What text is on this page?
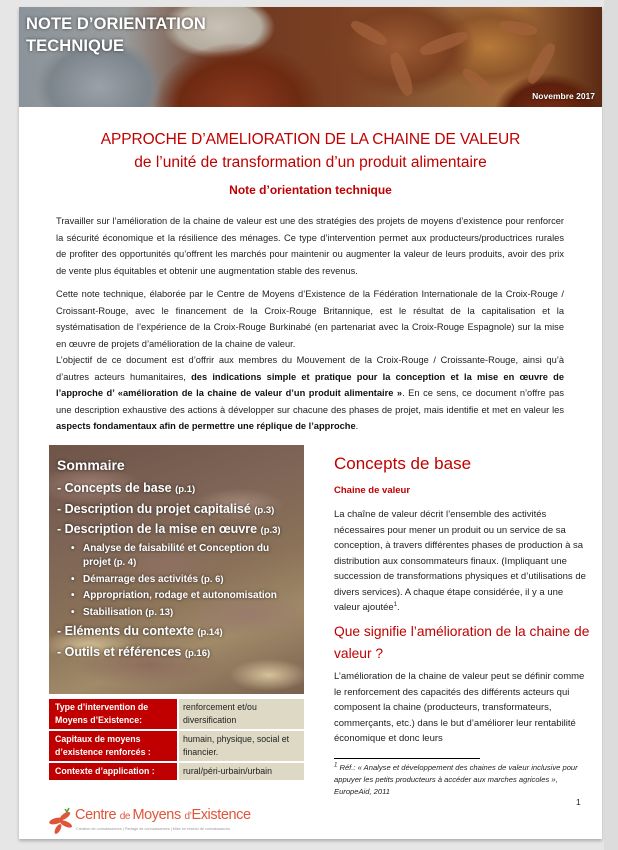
NOTE D’ORIENTATION
TECHNIQUE
Novembre 2017
APPROCHE D’AMELIORATION DE LA CHAINE DE VALEUR
de l’unité de transformation d’un produit alimentaire
Note d’orientation technique

Travailler sur l’amélioration de la chaine de valeur est une des stratégies des projets de moyens d’existence pour renforcer la sécurité économique et la résilience des ménages. Ce type d’intervention permet aux producteurs/productrices rurales de profiter des opportunités qu’offrent les marchés pour maintenir ou augmenter la valeur de leurs produits, avoir des prix de vente plus équitables et obtenir une augmentation stable des revenus.

Cette note technique, élaborée par le Centre de Moyens d’Existence de la Fédération Internationale de la Croix-Rouge / Croissant-Rouge, avec le financement de la Croix-Rouge Britannique, est le résultat de la capitalisation et la systématisation de l’expérience de la Croix-Rouge Burkinabé (en partenariat avec la Croix-Rouge Espagnole) sur la mise en œuvre de projets d’amélioration de la chaine de valeur.

L’objectif de ce document est d’offrir aux membres du Mouvement de la Croix-Rouge / Croissante-Rouge, ainsi qu’à d’autres acteurs humanitaires, des indications simple et pratique pour la conception et la mise en œuvre de l’approche d’ «amélioration de la chaine de valeur d’un produit alimentaire ». En ce sens, ce document n’offre pas une description exhaustive des actions à développer sur chacune des phases de projet, mais identifie et met en valeur les aspects fondamentaux afin de permettre une réplique de l’approche.

Sommaire
- Concepts de base (p.1)
- Description du projet capitalisé (p.3)
- Description de la mise en œuvre (p.3)
• Analyse de faisabilité et Conception du projet (p. 4)
• Démarrage des activités (p. 6)
• Appropriation, rodage et autonomisation
• Stabilisation (p. 13)
- Eléments du contexte (p.14)
- Outils et références (p.16)
Type d’intervention de Moyens d’Existence:
renforcement et/ou diversification
Capitaux de moyens d’existence renforcés :
humain, physique, social et financier.
Contexte d’application :	rural/péri-urbain/urbain
Concepts de base
Chaine de valeur

La chaîne de valeur décrit l’ensemble des activités nécessaires pour mener un produit ou un service de sa conception, à travers différentes phases de production à sa distribution aux consommateurs finaux. (Impliquant une succession de transformations physiques et d’utilisations de divers services). A chaque étape considérée, il y a une valeur ajoutée$^1$.

Que signifie l’amélioration de la chaine de valeur ?

L’amélioration de la chaine de valeur peut se définir comme le renforcement des capacités des différents acteurs qui composent la chaine (producteurs, transformateurs, commerçants, etc.) dans le but d’améliorer leur rentabilité économique et donc leurs

$^1$ Réf.: « Analyse et développement des chaines de valeur inclusive pour appuyer les petits producteurs à accéder aux marches agricoles », EuropeAid, 2011

1
Centre de Moyens d’Existence
Création de connaissances | Partage de connaissances | Mise en réseau de connaissances
